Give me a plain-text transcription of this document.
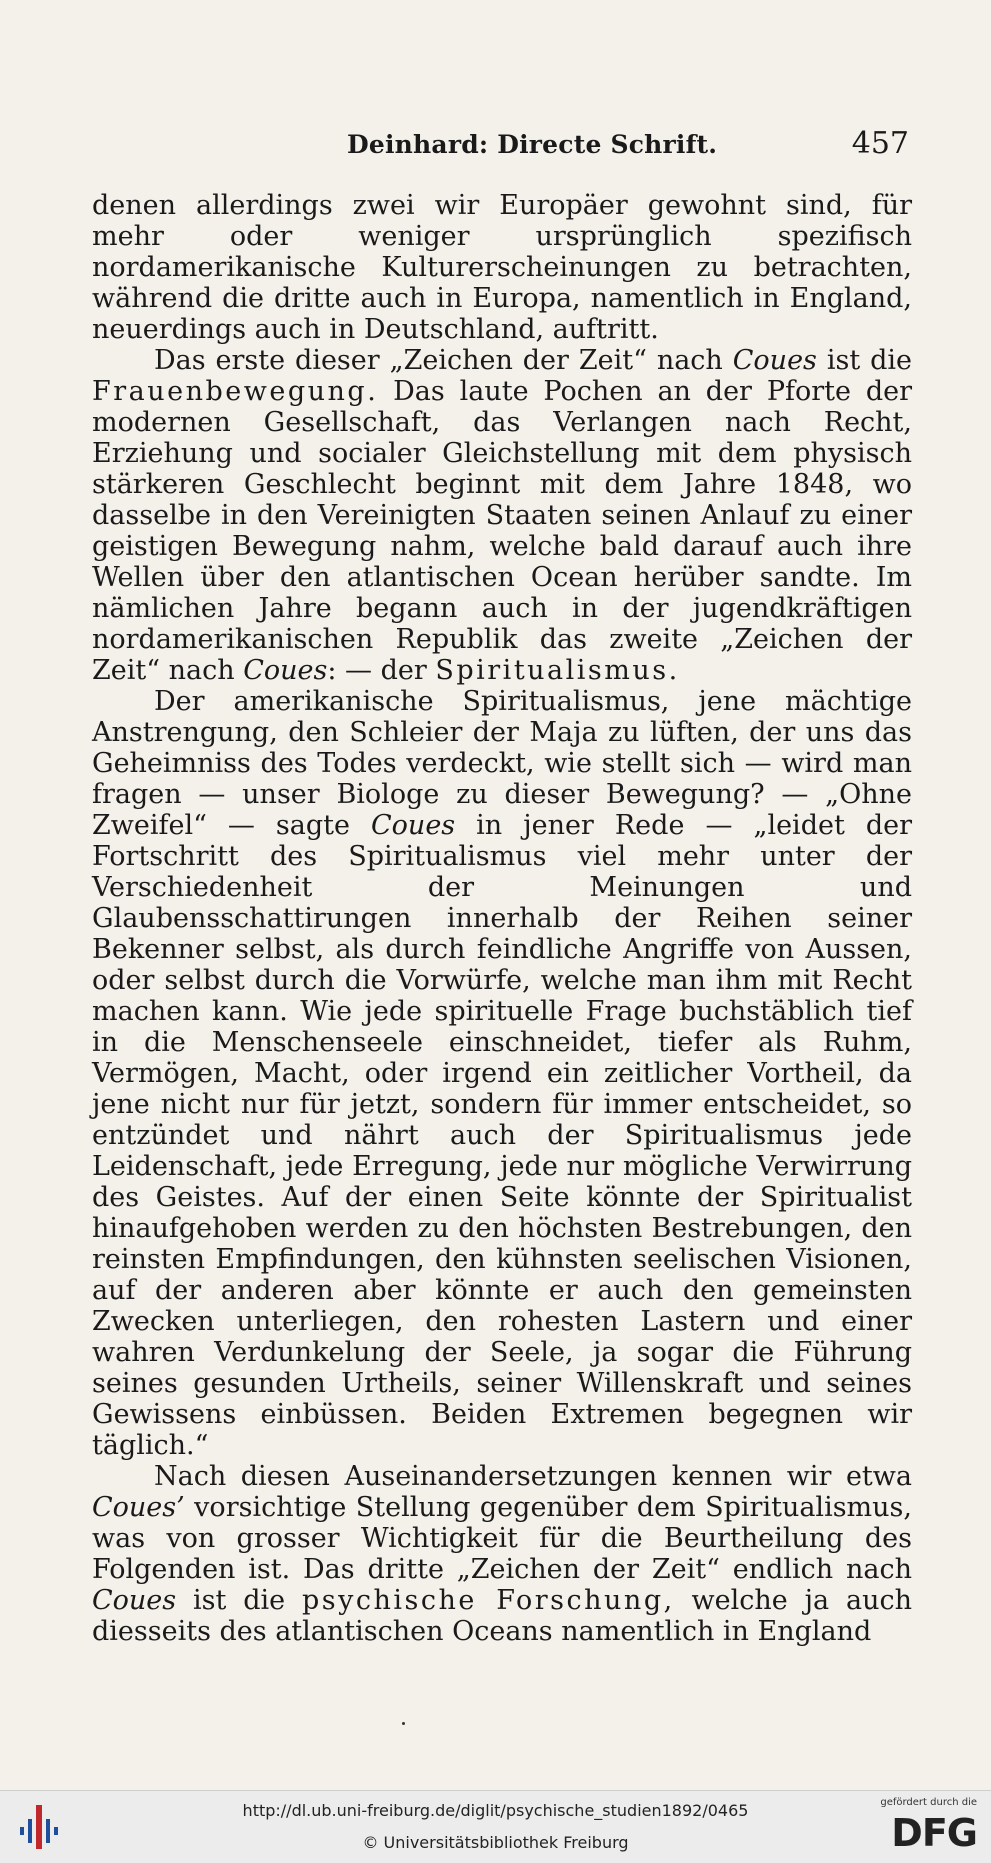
Deinhard: Directe Schrift.	457

denen allerdings zwei wir Europäer gewohnt sind, für mehr oder weniger ursprünglich spezifisch nordamerikanische Kulturerscheinungen zu betrachten, während die dritte auch in Europa, namentlich in England, neuerdings auch in Deutschland, auftritt.

Das erste dieser „Zeichen der Zeit“ nach Coues ist die Frauenbewegung. Das laute Pochen an der Pforte der modernen Gesellschaft, das Verlangen nach Recht, Erziehung und socialer Gleichstellung mit dem physisch stärkeren Geschlecht beginnt mit dem Jahre 1848, wo dasselbe in den Vereinigten Staaten seinen Anlauf zu einer geistigen Bewegung nahm, welche bald darauf auch ihre Wellen über den atlantischen Ocean herüber sandte. Im nämlichen Jahre begann auch in der jugendkräftigen nordamerikanischen Republik das zweite „Zeichen der Zeit“ nach Coues: — der Spiritualismus.

Der amerikanische Spiritualismus, jene mächtige Anstrengung, den Schleier der Maja zu lüften, der uns das Geheimniss des Todes verdeckt, wie stellt sich — wird man fragen — unser Biologe zu dieser Bewegung? — „Ohne Zweifel“ — sagte Coues in jener Rede — „leidet der Fortschritt des Spiritualismus viel mehr unter der Verschiedenheit der Meinungen und Glaubensschattirungen innerhalb der Reihen seiner Bekenner selbst, als durch feindliche Angriffe von Aussen, oder selbst durch die Vorwürfe, welche man ihm mit Recht machen kann. Wie jede spirituelle Frage buchstäblich tief in die Menschenseele einschneidet, tiefer als Ruhm, Vermögen, Macht, oder irgend ein zeitlicher Vortheil, da jene nicht nur für jetzt, sondern für immer entscheidet, so entzündet und nährt auch der Spiritualismus jede Leidenschaft, jede Erregung, jede nur mögliche Verwirrung des Geistes. Auf der einen Seite könnte der Spiritualist hinaufgehoben werden zu den höchsten Bestrebungen, den reinsten Empfindungen, den kühnsten seelischen Visionen, auf der anderen aber könnte er auch den gemeinsten Zwecken unterliegen, den rohesten Lastern und einer wahren Verdunkelung der Seele, ja sogar die Führung seines gesunden Urtheils, seiner Willenskraft und seines Gewissens einbüssen. Beiden Extremen begegnen wir täglich.“

Nach diesen Auseinandersetzungen kennen wir etwa Coues’ vorsichtige Stellung gegenüber dem Spiritualismus, was von grosser Wichtigkeit für die Beurtheilung des Folgenden ist. Das dritte „Zeichen der Zeit“ endlich nach Coues ist die psychische Forschung, welche ja auch diesseits des atlantischen Oceans namentlich in England

http://dl.ub.uni-freiburg.de/diglit/psychische_studien1892/0465
© Universitätsbibliothek Freiburg
gefördert durch die
DFG
